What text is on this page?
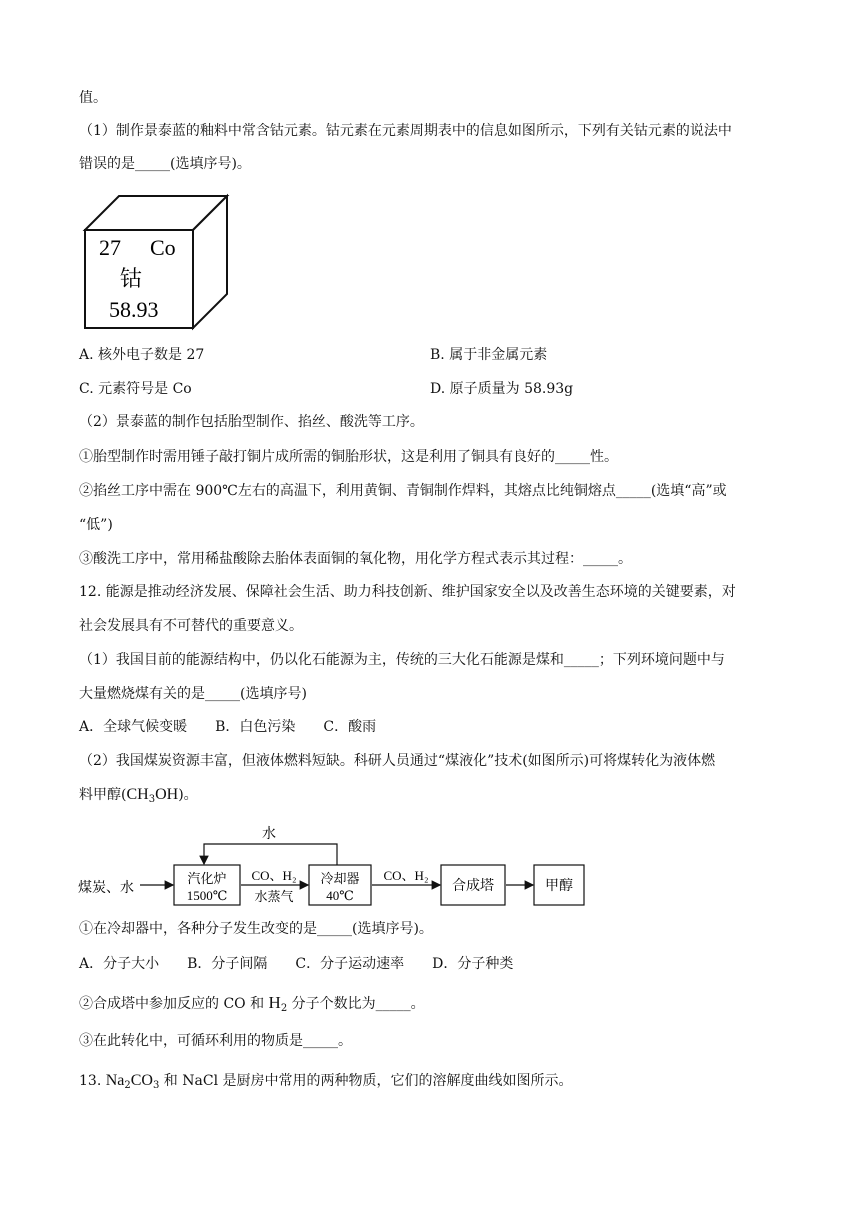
值。
（1）制作景泰蓝的釉料中常含钴元素。钴元素在元素周期表中的信息如图所示，下列有关钴元素的说法中
错误的是_____(选填序号)。
27 Co
钴
58.93
A. 核外电子数是 27	B. 属于非金属元素
C. 元素符号是 Co	D. 原子质量为 58.93g
（2）景泰蓝的制作包括胎型制作、掐丝、酸洗等工序。
①胎型制作时需用锤子敲打铜片成所需的铜胎形状，这是利用了铜具有良好的_____性。
②掐丝工序中需在 900℃左右的高温下，利用黄铜、青铜制作焊料，其熔点比纯铜熔点_____(选填“高”或
“低”)
③酸洗工序中，常用稀盐酸除去胎体表面铜的氧化物，用化学方程式表示其过程：_____。
12. 能源是推动经济发展、保障社会生活、助力科技创新、维护国家安全以及改善生态环境的关键要素，对
社会发展具有不可替代的重要意义。
（1）我国目前的能源结构中，仍以化石能源为主，传统的三大化石能源是煤和_____；下列环境问题中与
大量燃烧煤有关的是_____(选填序号)
A．全球气候变暖　　B．白色污染　　C．酸雨
（2）我国煤炭资源丰富，但液体燃料短缺。科研人员通过“煤液化”技术(如图所示)可将煤转化为液体燃
料甲醇$(CH_3OH)$。
煤炭、水
汽化炉
1500℃
CO、H₂
水蒸气
冷却器
40℃
水
CO、H₂
合成塔	甲醇
①在冷却器中，各种分子发生改变的是_____(选填序号)。
A．分子大小　　B．分子间隔　　C．分子运动速率　　D．分子种类
②合成塔中参加反应的 CO 和 $H_2$ 分子个数比为_____。
③在此转化中，可循环利用的物质是_____。
13. $Na_2CO_3$ 和 NaCl 是厨房中常用的两种物质，它们的溶解度曲线如图所示。
